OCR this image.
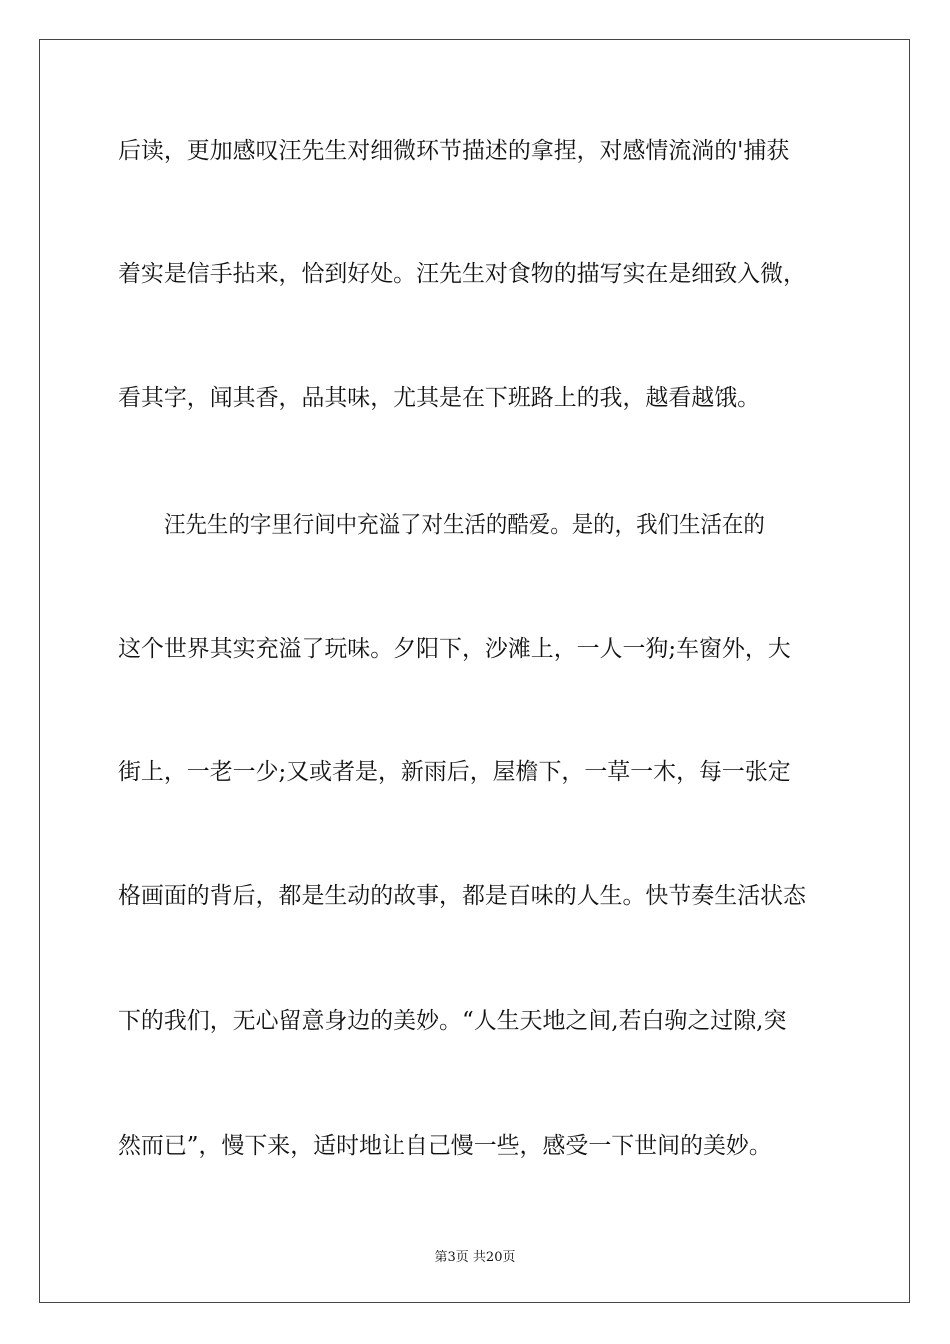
后读，更加感叹汪先生对细微环节描述的拿捏，对感情流淌的'捕获
着实是信手拈来，恰到好处。汪先生对食物的描写实在是细致入微，
看其字，闻其香，品其味，尤其是在下班路上的我，越看越饿。
汪先生的字里行间中充溢了对生活的酷爱。是的，我们生活在的
这个世界其实充溢了玩味。夕阳下，沙滩上，一人一狗;车窗外，大
街上，一老一少;又或者是，新雨后，屋檐下，一草一木，每一张定
格画面的背后，都是生动的故事，都是百味的人生。快节奏生活状态
下的我们，无心留意身边的美妙。“人生天地之间,若白驹之过隙,突
然而已”，慢下来，适时地让自己慢一些，感受一下世间的美妙。
第3页 共20页
